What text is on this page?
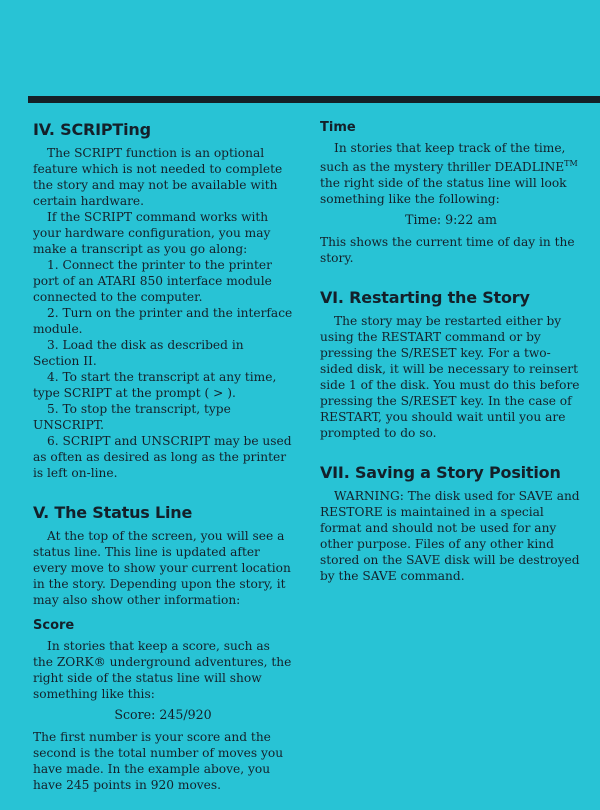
IV. SCRIPTing

The SCRIPT function is an optional feature which is not needed to complete the story and may not be available with certain hardware.

If the SCRIPT command works with your hardware configuration, you may make a transcript as you go along:

1. Connect the printer to the printer port of an ATARI 850 interface module connected to the computer.

2. Turn on the printer and the interface module.

3. Load the disk as described in Section II.

4. To start the transcript at any time, type SCRIPT at the prompt ( > ).

5. To stop the transcript, type UNSCRIPT.

6. SCRIPT and UNSCRIPT may be used as often as desired as long as the printer is left on-line.

V. The Status Line

At the top of the screen, you will see a status line. This line is updated after every move to show your current location in the story. Depending upon the story, it may also show other information:

Score

In stories that keep a score, such as the ZORK® underground adventures, the right side of the status line will show something like this:

Score: 245/920

The first number is your score and the second is the total number of moves you have made. In the example above, you have 245 points in 920 moves.

Time

In stories that keep track of the time, such as the mystery thriller DEADLINE™ the right side of the status line will look something like the following:

Time: 9:22 am

This shows the current time of day in the story.

VI. Restarting the Story

The story may be restarted either by using the RESTART command or by pressing the S/RESET key. For a two-sided disk, it will be necessary to reinsert side 1 of the disk. You must do this before pressing the S/RESET key. In the case of RESTART, you should wait until you are prompted to do so.

VII. Saving a Story Position

WARNING: The disk used for SAVE and RESTORE is maintained in a special format and should not be used for any other purpose. Files of any other kind stored on the SAVE disk will be destroyed by the SAVE command.
